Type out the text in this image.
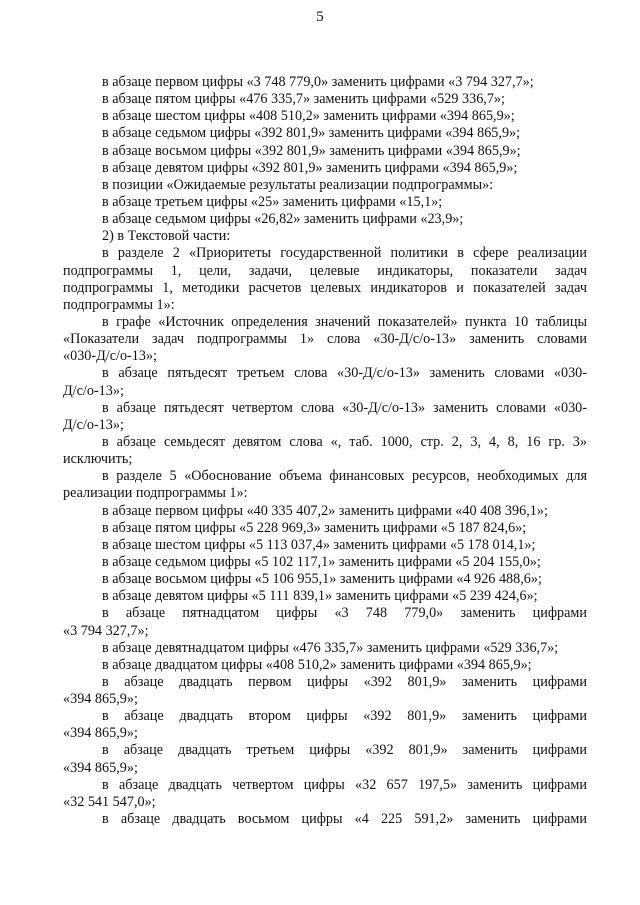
5
в абзаце первом цифры «3 748 779,0» заменить цифрами «3 794 327,7»;
в абзаце пятом цифры «476 335,7» заменить цифрами «529 336,7»;
в абзаце шестом цифры «408 510,2» заменить цифрами «394 865,9»;
в абзаце седьмом цифры «392 801,9» заменить цифрами «394 865,9»;
в абзаце восьмом цифры «392 801,9» заменить цифрами «394 865,9»;
в абзаце девятом цифры «392 801,9» заменить цифрами «394 865,9»;
в позиции «Ожидаемые результаты реализации подпрограммы»:
в абзаце третьем цифры «25» заменить цифрами «15,1»;
в абзаце седьмом цифры «26,82» заменить цифрами «23,9»;
2) в Текстовой части:
в разделе 2 «Приоритеты государственной политики в сфере реализации
подпрограммы 1, цели, задачи, целевые индикаторы, показатели задач
подпрограммы 1, методики расчетов целевых индикаторов и показателей задач
подпрограммы 1»:
в графе «Источник определения значений показателей» пункта 10 таблицы
«Показатели задач подпрограммы 1» слова «30-Д/с/о-13» заменить словами
«030-Д/с/о-13»;
в абзаце пятьдесят третьем слова «30-Д/с/о-13» заменить словами «030-
Д/с/о-13»;
в абзаце пятьдесят четвертом слова «30-Д/с/о-13» заменить словами «030-
Д/с/о-13»;
в абзаце семьдесят девятом слова «, таб. 1000, стр. 2, 3, 4, 8, 16 гр. 3»
исключить;
в разделе 5 «Обоснование объема финансовых ресурсов, необходимых для
реализации подпрограммы 1»:
в абзаце первом цифры «40 335 407,2» заменить цифрами «40 408 396,1»;
в абзаце пятом цифры «5 228 969,3» заменить цифрами «5 187 824,6»;
в абзаце шестом цифры «5 113 037,4» заменить цифрами «5 178 014,1»;
в абзаце седьмом цифры «5 102 117,1» заменить цифрами «5 204 155,0»;
в абзаце восьмом цифры «5 106 955,1» заменить цифрами «4 926 488,6»;
в абзаце девятом цифры «5 111 839,1» заменить цифрами «5 239 424,6»;
в абзаце пятнадцатом цифры «3 748 779,0» заменить цифрами
«3 794 327,7»;
в абзаце девятнадцатом цифры «476 335,7» заменить цифрами «529 336,7»;
в абзаце двадцатом цифры «408 510,2» заменить цифрами «394 865,9»;
в абзаце двадцать первом цифры «392 801,9» заменить цифрами
«394 865,9»;
в абзаце двадцать втором цифры «392 801,9» заменить цифрами
«394 865,9»;
в абзаце двадцать третьем цифры «392 801,9» заменить цифрами
«394 865,9»;
в абзаце двадцать четвертом цифры «32 657 197,5» заменить цифрами
«32 541 547,0»;
в абзаце двадцать восьмом цифры «4 225 591,2» заменить цифрами
